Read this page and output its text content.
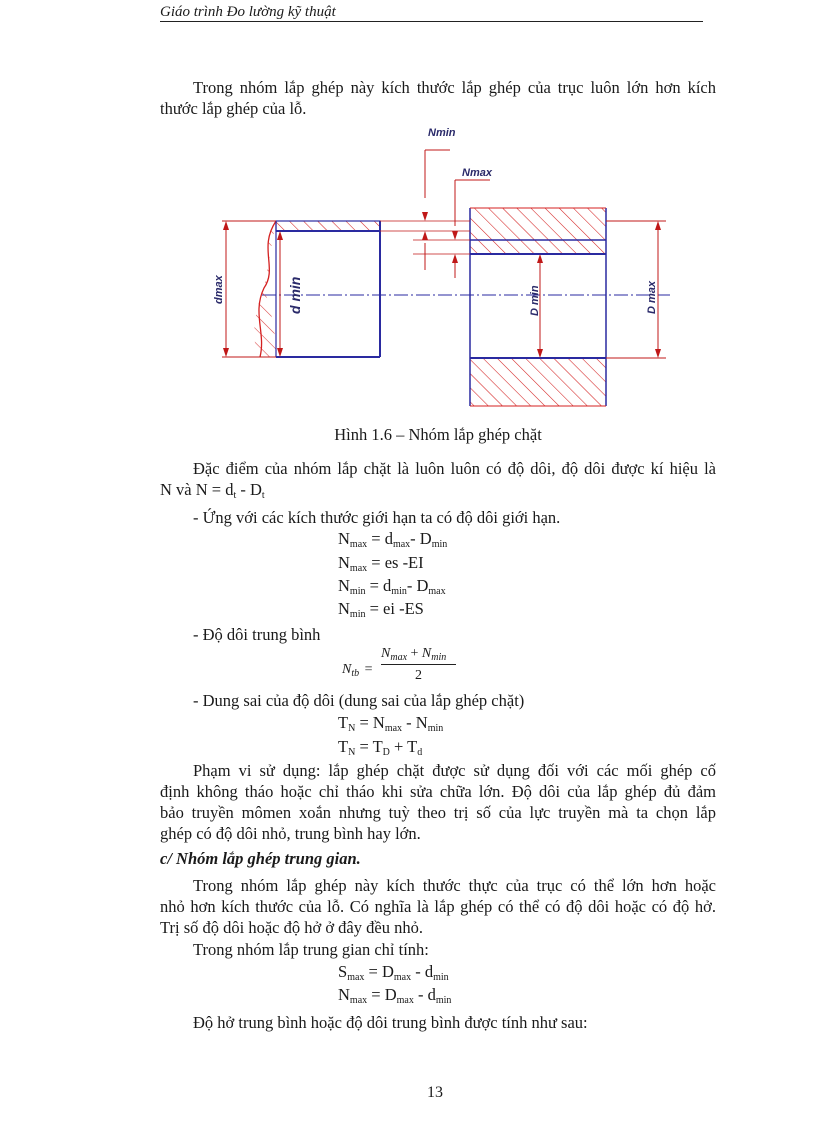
Giáo trình Đo lường kỹ thuật
Trong nhóm lắp ghép này kích thước lắp ghép của trục luôn lớn hơn kích
thước lắp ghép của lỗ.
dmax	d min	D min	D max
Nmin
Nmax
Hình 1.6 – Nhóm lắp ghép chặt
Đặc điểm của nhóm lắp chặt là luôn luôn có độ dôi, độ dôi được kí hiệu là
N và $N = d_t - D_t$
- Ứng với các kích thước giới hạn ta có độ dôi giới hạn.
$N_{max} = d_{max}-$ $D_{min}$
$N_{max}$ = es -EI
$N_{min} = d_{min}-$ $D_{max}$
$N_{min}$ = ei -ES
- Độ dôi trung bình
$N_{tb}$ =
$N_{max} + N_{min}$
2
- Dung sai của độ dôi (dung sai của lắp ghép chặt)
$T_N = N_{max} - N_{min}$
$T_N = T_D + T_d$
Phạm vi sử dụng: lắp ghép chặt được sử dụng đối với các mối ghép cố
định không tháo hoặc chỉ tháo khi sửa chữa lớn. Độ dôi của lắp ghép đủ đảm
bảo truyền mômen xoắn nhưng tuỳ theo trị số của lực truyền mà ta chọn lắp
ghép có độ dôi nhỏ, trung bình hay lớn.
c/ Nhóm lắp ghép trung gian.
Trong nhóm lắp ghép này kích thước thực của trục có thể lớn hơn hoặc
nhỏ hơn kích thước của lỗ. Có nghĩa là lắp ghép có thể có độ dôi hoặc có độ hở.
Trị số độ dôi hoặc độ hở ở đây đều nhỏ.
Trong nhóm lắp trung gian chỉ tính:
$S_{max} = D_{max} - d_{min}$
$N_{max} = D_{max} - d_{min}$
Độ hở trung bình hoặc độ dôi trung bình được tính như sau:
13
